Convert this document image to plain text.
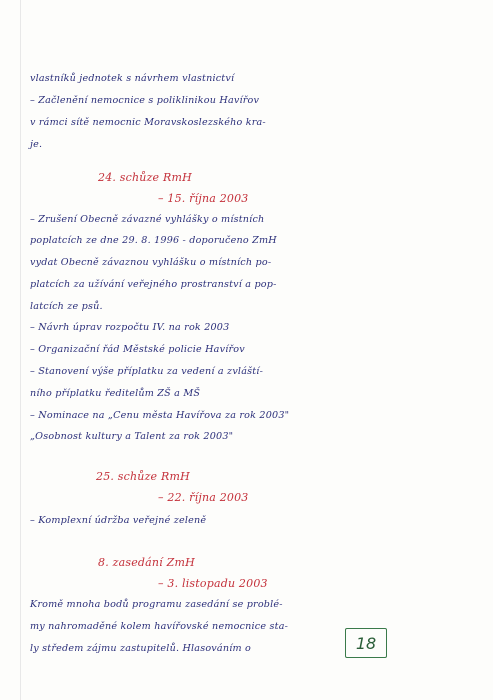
vlastníků jednotek s návrhem vlastnictví
– Začlenění nemocnice s poliklinikou Havířov
v rámci sítě nemocnic Moravskoslezského kra-
je.
24. schůze RmH
– 15. října 2003
– Zrušení Obecně závazné vyhlášky o místních
poplatcích ze dne 29. 8. 1996 - doporučeno ZmH
vydat Obecně závaznou vyhlášku o místních po-
platcích za užívání veřejného prostranství a pop-
latcích ze psů.
– Návrh úprav rozpočtu IV. na rok 2003
– Organizační řád Městské policie Havířov
– Stanovení výše příplatku za vedení a zvláští-
ního příplatku ředitelům ZŠ a MŠ
– Nominace na „Cenu města Havířova za rok 2003"
„Osobnost kultury a Talent za rok 2003"
25. schůze RmH
– 22. října 2003
– Komplexní údržba veřejné zeleně
8. zasedání ZmH
– 3. listopadu 2003
Kromě mnoha bodů programu zasedání se problé-
my nahromaděné kolem havířovské nemocnice sta-
ly středem zájmu zastupitelů. Hlasováním o	18
